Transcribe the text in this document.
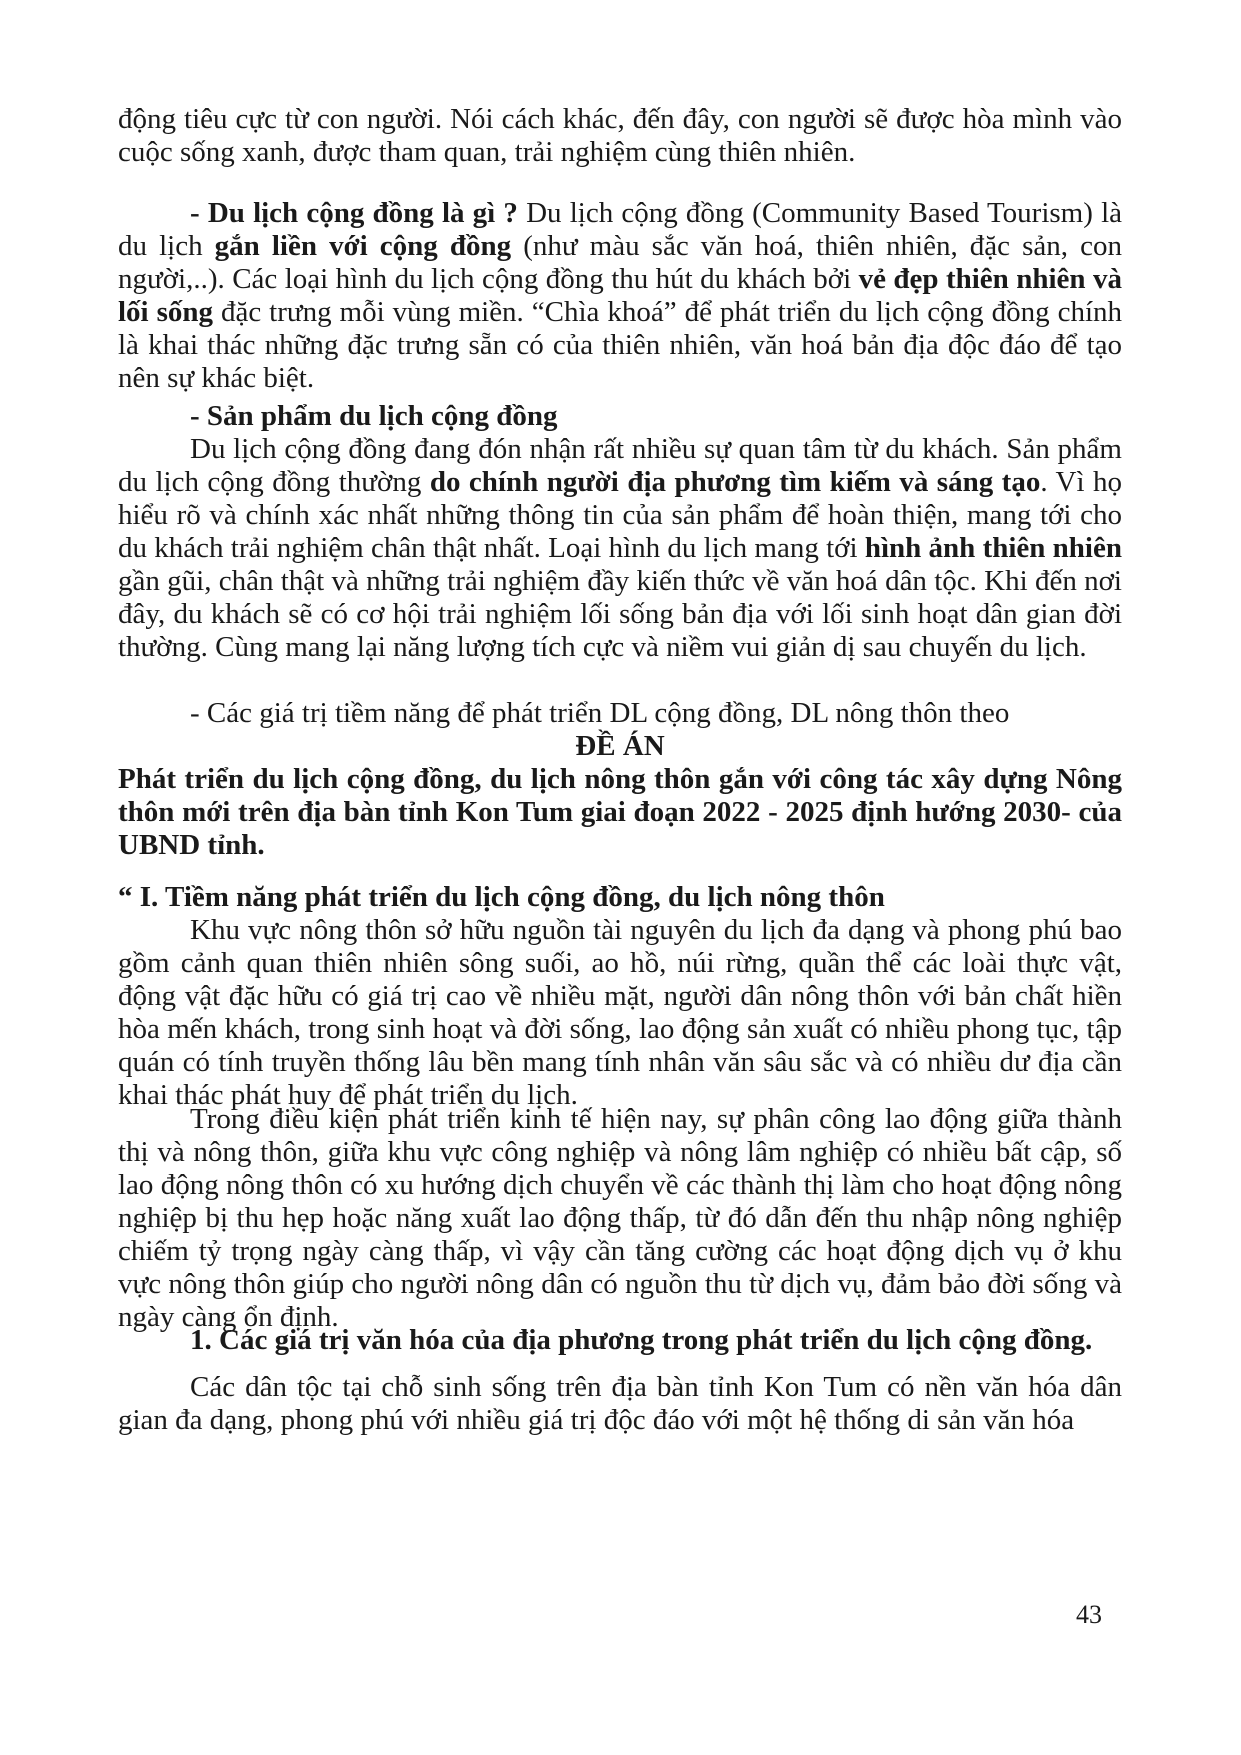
động tiêu cực từ con người. Nói cách khác, đến đây, con người sẽ được hòa mình vào

cuộc sống xanh, được tham quan, trải nghiệm cùng thiên nhiên.

- Du lịch cộng đồng là gì ? Du lịch cộng đồng (Community Based Tourism) là du lịch gắn liền với cộng đồng (như màu sắc văn hoá, thiên nhiên, đặc sản, con người,..). Các loại hình du lịch cộng đồng thu hút du khách bởi vẻ đẹp thiên nhiên và lối sống đặc trưng mỗi vùng miền. “Chìa khoá” để phát triển du lịch cộng đồng chính là khai thác những đặc trưng sẵn có của thiên nhiên, văn hoá bản địa độc đáo để tạo nên sự khác biệt.

- Sản phẩm du lịch cộng đồng

Du lịch cộng đồng đang đón nhận rất nhiều sự quan tâm từ du khách. Sản phẩm du lịch cộng đồng thường do chính người địa phương tìm kiếm và sáng tạo. Vì họ hiểu rõ và chính xác nhất những thông tin của sản phẩm để hoàn thiện, mang tới cho du khách trải nghiệm chân thật nhất. Loại hình du lịch mang tới hình ảnh thiên nhiên gần gũi, chân thật và những trải nghiệm đầy kiến thức về văn hoá dân tộc. Khi đến nơi đây, du khách sẽ có cơ hội trải nghiệm lối sống bản địa với lối sinh hoạt dân gian đời thường. Cùng mang lại năng lượng tích cực và niềm vui giản dị sau chuyến du lịch.

- Các giá trị tiềm năng để phát triển DL cộng đồng, DL nông thôn theo

ĐỀ ÁN

Phát triển du lịch cộng đồng, du lịch nông thôn gắn với công tác xây dựng Nông thôn mới trên địa bàn tỉnh Kon Tum giai đoạn 2022 - 2025 định hướng 2030- của UBND tỉnh.

“ I. Tiềm năng phát triển du lịch cộng đồng, du lịch nông thôn

Khu vực nông thôn sở hữu nguồn tài nguyên du lịch đa dạng và phong phú bao gồm cảnh quan thiên nhiên sông suối, ao hồ, núi rừng, quần thể các loài thực vật, động vật đặc hữu có giá trị cao về nhiều mặt, người dân nông thôn với bản chất hiền hòa mến khách, trong sinh hoạt và đời sống, lao động sản xuất có nhiều phong tục, tập quán có tính truyền thống lâu bền mang tính nhân văn sâu sắc và có nhiều dư địa cần khai thác phát huy để phát triển du lịch.

Trong điều kiện phát triển kinh tế hiện nay, sự phân công lao động giữa thành thị và nông thôn, giữa khu vực công nghiệp và nông lâm nghiệp có nhiều bất cập, số lao động nông thôn có xu hướng dịch chuyển về các thành thị làm cho hoạt động nông nghiệp bị thu hẹp hoặc năng xuất lao động thấp, từ đó dẫn đến thu nhập nông nghiệp chiếm tỷ trọng ngày càng thấp, vì vậy cần tăng cường các hoạt động dịch vụ ở khu vực nông thôn giúp cho người nông dân có nguồn thu từ dịch vụ, đảm bảo đời sống và ngày càng ổn định.

1. Các giá trị văn hóa của địa phương trong phát triển du lịch cộng đồng.

Các dân tộc tại chỗ sinh sống trên địa bàn tỉnh Kon Tum có nền văn hóa dân gian đa dạng, phong phú với nhiều giá trị độc đáo với một hệ thống di sản văn hóa

43
